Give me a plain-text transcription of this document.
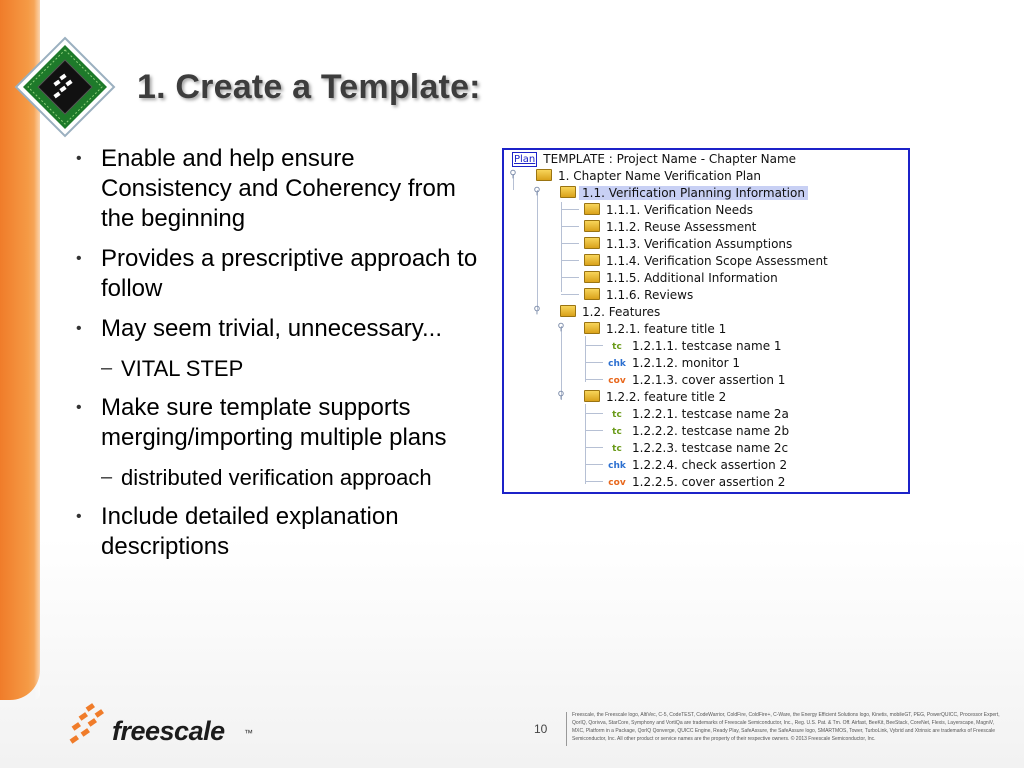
1. Create a Template:
• Enable and help ensure Consistency and Coherency from the beginning
• Provides a prescriptive approach to follow
• May seem trivial, unnecessary...
– VITAL STEP
• Make sure template supports merging/importing multiple plans
– distributed verification approach
• Include detailed explanation descriptions
⚲
⚲
⚲
⚲
⚲
Plan TEMPLATE : Project Name - Chapter Name
1. Chapter Name Verification Plan
1.1. Verification Planning Information
1.1.1. Verification Needs
1.1.2. Reuse Assessment
1.1.3. Verification Assumptions
1.1.4. Verification Scope Assessment
1.1.5. Additional Information
1.1.6. Reviews
1.2. Features
1.2.1. feature title 1
tc 1.2.1.1. testcase name 1
chk 1.2.1.2. monitor 1
cov 1.2.1.3. cover assertion 1
1.2.2. feature title 2
tc 1.2.2.1. testcase name 2a
tc 1.2.2.2. testcase name 2b
tc 1.2.2.3. testcase name 2c
chk 1.2.2.4. check assertion 2
cov 1.2.2.5. cover assertion 2
freescale ™	10
Freescale, the Freescale logo, AltiVec, C-5, CodeTEST, CodeWarrior, ColdFire, ColdFire+, C-Ware, the Energy Efficient Solutions logo, Kinetis, mobileGT, PEG, PowerQUICC, Processor Expert, QorIQ, Qorivva, StarCore, Symphony and VortiQa are trademarks of Freescale Semiconductor, Inc., Reg. U.S. Pat. & Tm. Off. Airfast, BeeKit, BeeStack, CoreNet, Flexis, Layerscape, MagniV, MXC, Platform in a Package, QorIQ Qonverge, QUICC Engine, Ready Play, SafeAssure, the SafeAssure logo, SMARTMOS, Tower, TurboLink, Vybrid and Xtrinsic are trademarks of Freescale Semiconductor, Inc. All other product or service names are the property of their respective owners. © 2013 Freescale Semiconductor, Inc.
